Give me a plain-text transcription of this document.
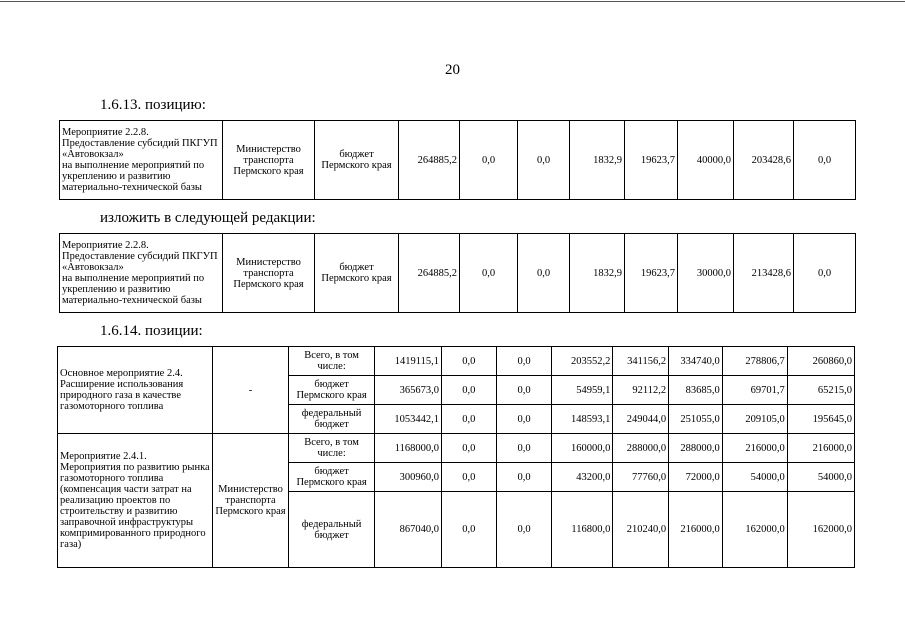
20
1.6.13. позицию:
Мероприятие 2.2.8.
Предоставление субсидий ПКГУП «Автовокзал»
на выполнение мероприятий по укреплению и развитию материально-технической базы	Министерство транспорта Пермского края	бюджет Пермского края	264885,2	0,0	0,0	1832,9	19623,7	40000,0	203428,6	0,0
изложить в следующей редакции:
Мероприятие 2.2.8.
Предоставление субсидий ПКГУП «Автовокзал»
на выполнение мероприятий по укреплению и развитию материально-технической базы	Министерство транспорта Пермского края	бюджет Пермского края	264885,2	0,0	0,0	1832,9	19623,7	30000,0	213428,6	0,0
1.6.14. позиции:
Основное мероприятие 2.4.
Расширение использования природного газа в качестве газомоторного топлива	-	Всего, в том числе:	1419115,1	0,0	0,0	203552,2	341156,2	334740,0	278806,7	260860,0
		бюджет Пермского края	365673,0	0,0	0,0	54959,1	92112,2	83685,0	69701,7	65215,0
		федеральный бюджет	1053442,1	0,0	0,0	148593,1	249044,0	251055,0	209105,0	195645,0
Мероприятие 2.4.1.
Мероприятия по развитию рынка газомоторного топлива (компенсация части затрат на реализацию проектов по строительству и развитию заправочной инфраструктуры компримированного природного газа)	Министерство транспорта Пермского края	Всего, в том числе:	1168000,0	0,0	0,0	160000,0	288000,0	288000,0	216000,0	216000,0
		бюджет Пермского края	300960,0	0,0	0,0	43200,0	77760,0	72000,0	54000,0	54000,0
		федеральный бюджет	867040,0	0,0	0,0	116800,0	210240,0	216000,0	162000,0	162000,0
